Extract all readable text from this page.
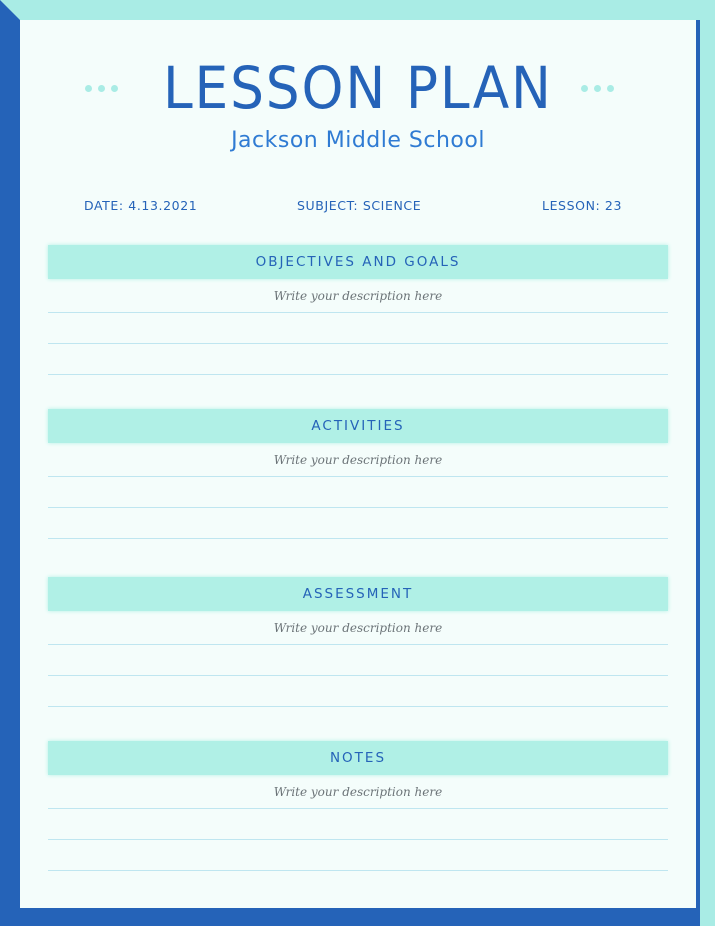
LESSON PLAN
Jackson Middle School
DATE: 4.13.2021	SUBJECT: SCIENCE	LESSON: 23
OBJECTIVES AND GOALS
Write your description here
ACTIVITIES
Write your description here
ASSESSMENT
Write your description here
NOTES
Write your description here
